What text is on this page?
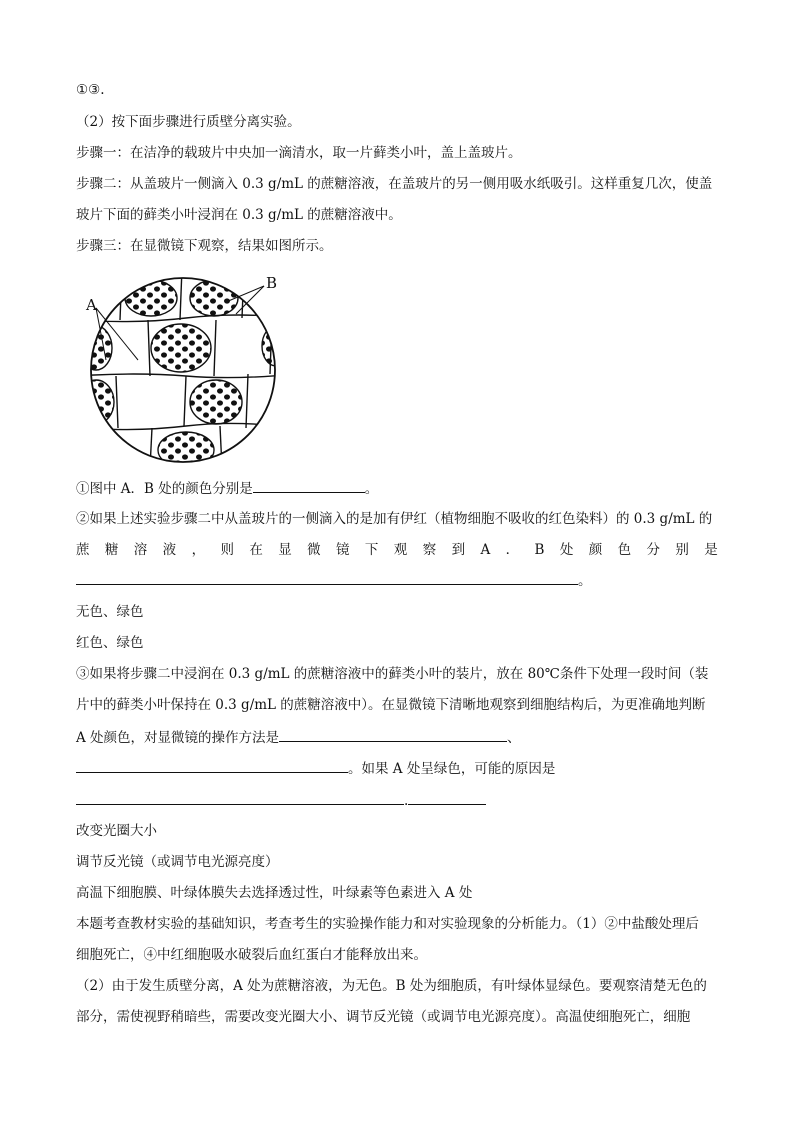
①③.
（2）按下面步骤进行质壁分离实验。
步骤一：在洁净的载玻片中央加一滴清水，取一片藓类小叶，盖上盖玻片。
步骤二：从盖玻片一侧滴入 0.3 g/mL 的蔗糖溶液，在盖玻片的另一侧用吸水纸吸引。这样重复几次，使盖
玻片下面的藓类小叶浸润在 0.3 g/mL 的蔗糖溶液中。
步骤三：在显微镜下观察，结果如图所示。
A
B
①图中 A．B 处的颜色分别是	。
②如果上述实验步骤二中从盖玻片的一侧滴入的是加有伊红（植物细胞不吸收的红色染料）的 0.3 g/mL 的
蔗 糖 溶 液 ， 则 在 显 微 镜 下 观 察 到 A ． B 处 颜 色 分 别 是
。
无色、绿色
红色、绿色
③如果将步骤二中浸润在 0.3 g/mL 的蔗糖溶液中的藓类小叶的装片，放在 80℃条件下处理一段时间（装
片中的藓类小叶保持在 0.3 g/mL 的蔗糖溶液中）。在显微镜下清晰地观察到细胞结构后，为更准确地判断
A 处颜色，对显微镜的操作方法是	、
。如果 A 处呈绿色，可能的原因是
.
改变光圈大小
调节反光镜（或调节电光源亮度）
高温下细胞膜、叶绿体膜失去选择透过性，叶绿素等色素进入 A 处
本题考查教材实验的基础知识，考查考生的实验操作能力和对实验现象的分析能力。（1）②中盐酸处理后
细胞死亡，④中红细胞吸水破裂后血红蛋白才能释放出来。
（2）由于发生质壁分离，A 处为蔗糖溶液，为无色。B 处为细胞质，有叶绿体显绿色。要观察清楚无色的
部分，需使视野稍暗些，需要改变光圈大小、调节反光镜（或调节电光源亮度）。高温使细胞死亡，细胞
